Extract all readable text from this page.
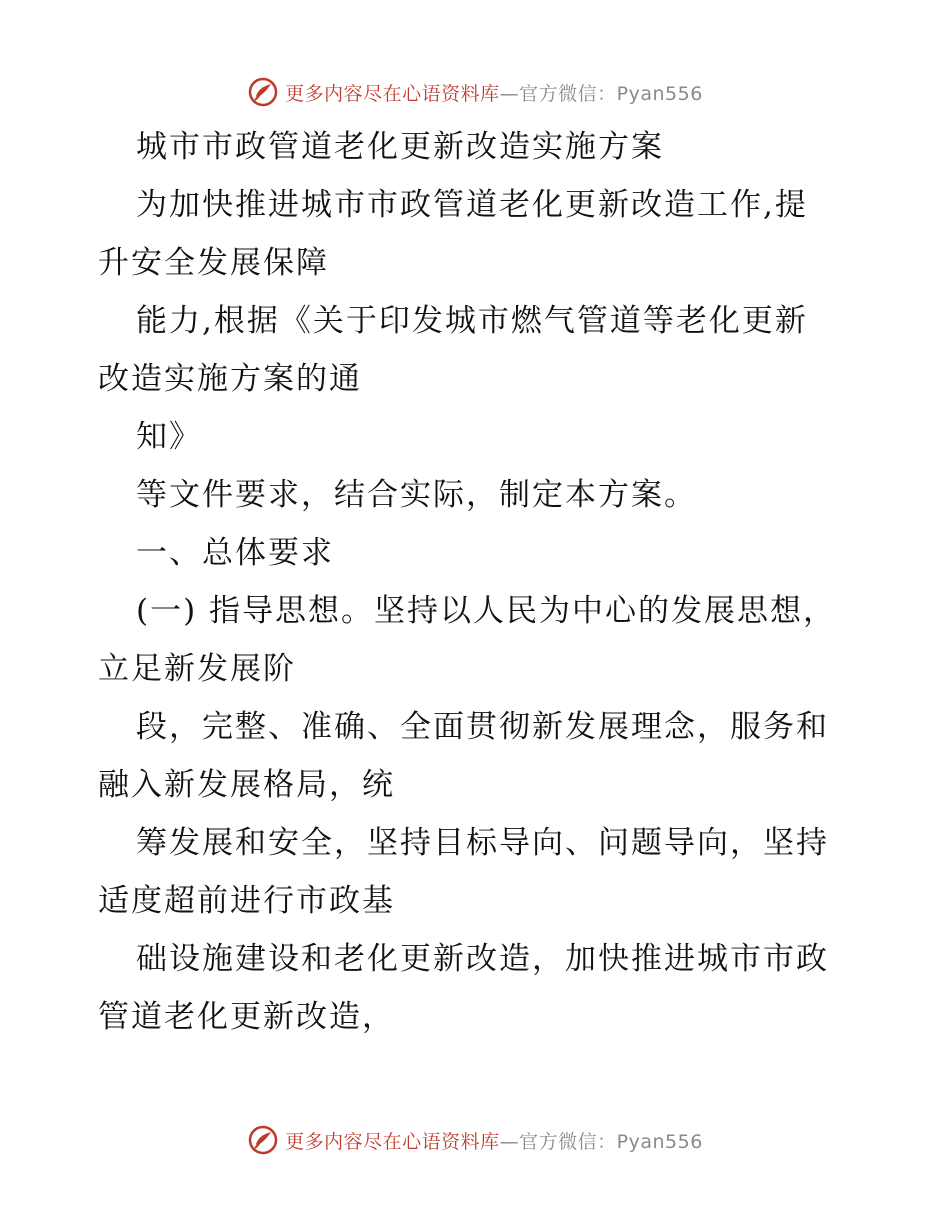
更多内容尽在心语资料库—官方微信：Pyan556
城市市政管道老化更新改造实施方案
为加快推进城市市政管道老化更新改造工作,提
升安全发展保障
能力,根据《关于印发城市燃气管道等老化更新
改造实施方案的通
知》
等文件要求，结合实际，制定本方案。
一、总体要求
(一) 指导思想。坚持以人民为中心的发展思想，
立足新发展阶
段，完整、准确、全面贯彻新发展理念，服务和
融入新发展格局，统
筹发展和安全，坚持目标导向、问题导向，坚持
适度超前进行市政基
础设施建设和老化更新改造，加快推进城市市政
管道老化更新改造，
更多内容尽在心语资料库—官方微信：Pyan556
